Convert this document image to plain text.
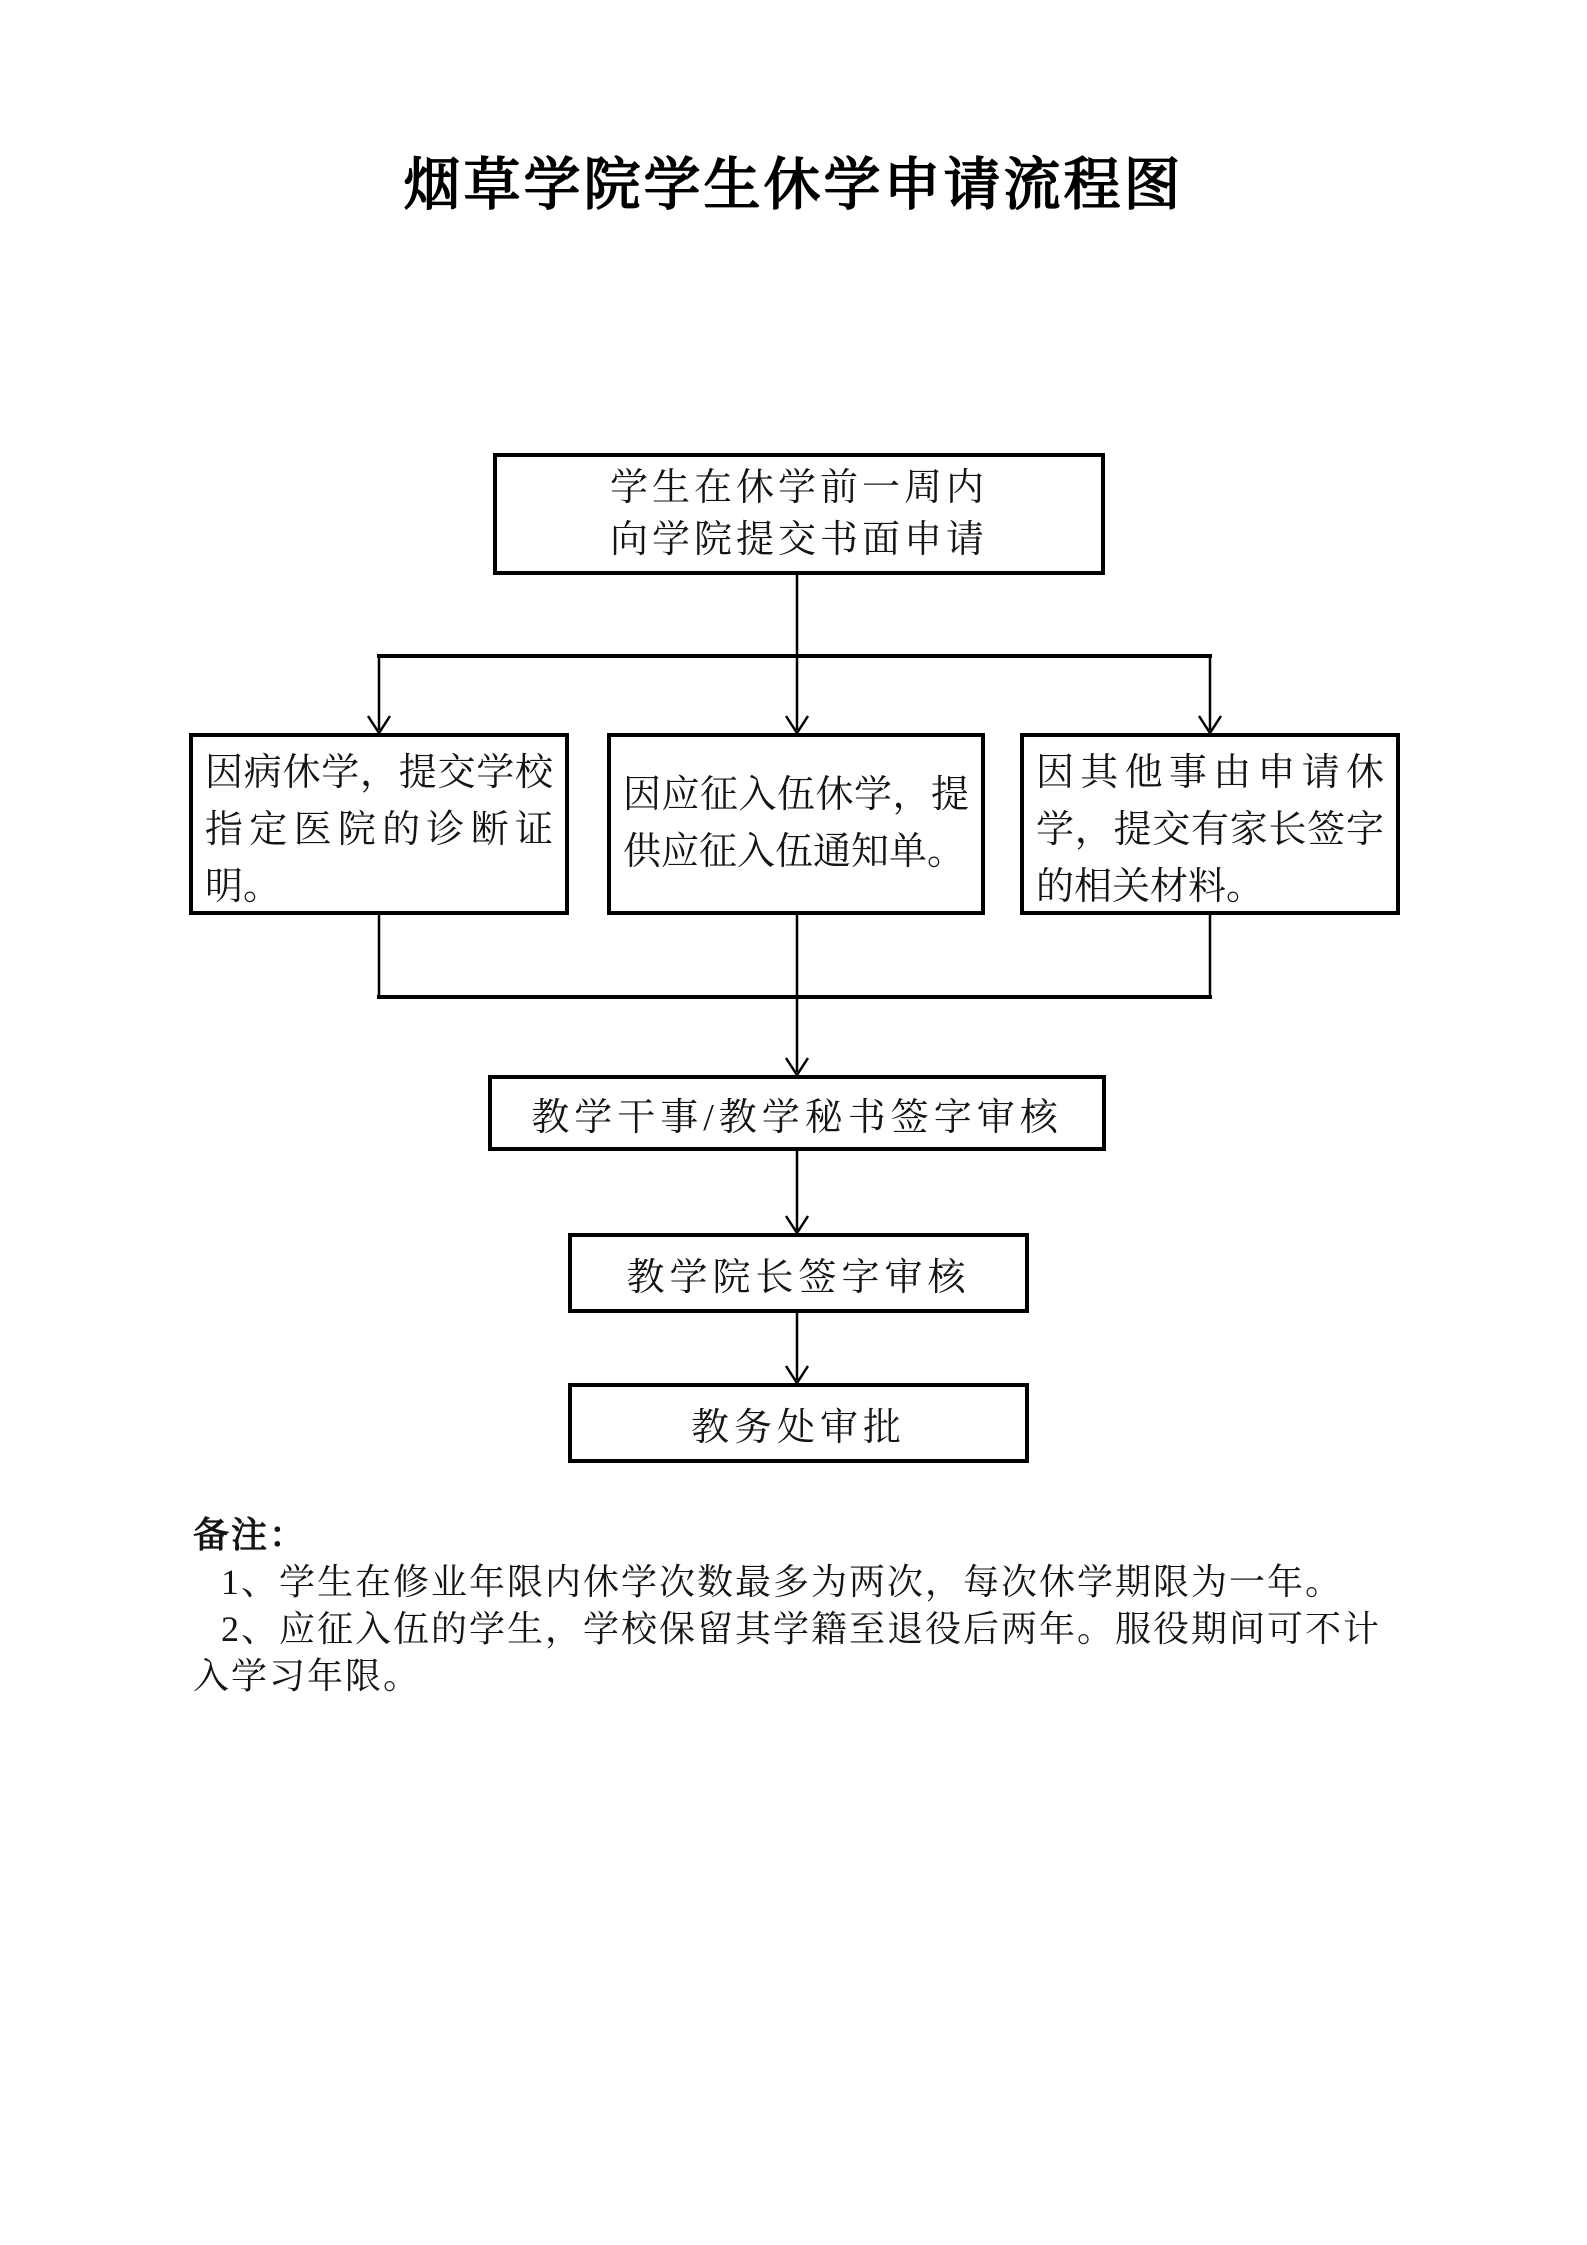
烟草学院学生休学申请流程图
学生在休学前一周内
向学院提交书面申请
因病休学，提交学校指定医院的诊断证明。
因应征入伍休学，提供应征入伍通知单。
因其他事由申请休学，提交有家长签字的相关材料。
教学干事/教学秘书签字审核
教学院长签字审核
教务处审批
备注：
1、学生在修业年限内休学次数最多为两次，每次休学期限为一年。
2、应征入伍的学生，学校保留其学籍至退役后两年。服役期间可不计
入学习年限。
